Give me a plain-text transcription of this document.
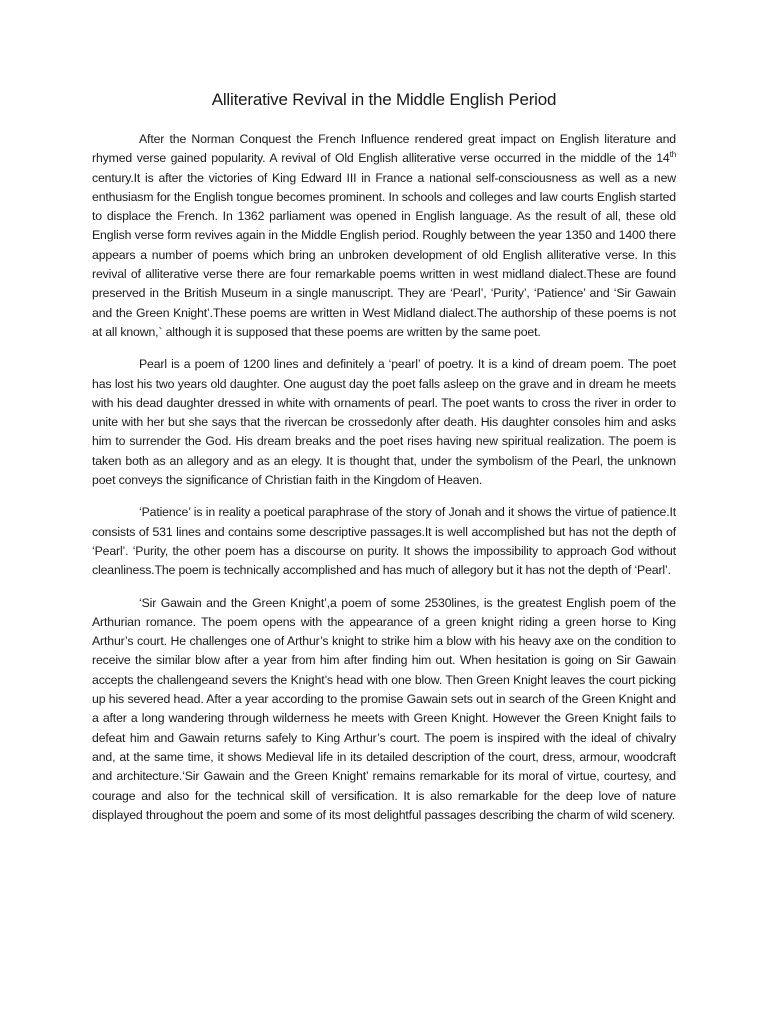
Alliterative Revival in the Middle English Period

After the Norman Conquest the French Influence rendered great impact on English literature and rhymed verse gained popularity. A revival of Old English alliterative verse occurred in the middle of the 14th century.It is after the victories of King Edward III in France a national self-consciousness as well as a new enthusiasm for the English tongue becomes prominent. In schools and colleges and law courts English started to displace the French. In 1362 parliament was opened in English language. As the result of all, these old English verse form revives again in the Middle English period. Roughly between the year 1350 and 1400 there appears a number of poems which bring an unbroken development of old English alliterative verse. In this revival of alliterative verse there are four remarkable poems written in west midland dialect.These are found preserved in the British Museum in a single manuscript. They are ‘Pearl’, ‘Purity’, ‘Patience’ and ‘Sir Gawain and the Green Knight’.These poems are written in West Midland dialect.The authorship of these poems is not at all known,` although it is supposed that these poems are written by the same poet.

Pearl is a poem of 1200 lines and definitely a ‘pearl’ of poetry. It is a kind of dream poem. The poet has lost his two years old daughter. One august day the poet falls asleep on the grave and in dream he meets with his dead daughter dressed in white with ornaments of pearl. The poet wants to cross the river in order to unite with her but she says that the rivercan be crossedonly after death. His daughter consoles him and asks him to surrender the God. His dream breaks and the poet rises having new spiritual realization. The poem is taken both as an allegory and as an elegy. It is thought that, under the symbolism of the Pearl, the unknown poet conveys the significance of Christian faith in the Kingdom of Heaven.

‘Patience’ is in reality a poetical paraphrase of the story of Jonah and it shows the virtue of patience.It consists of 531 lines and contains some descriptive passages.It is well accomplished but has not the depth of ‘Pearl’. ‘Purity, the other poem has a discourse on purity. It shows the impossibility to approach God without cleanliness.The poem is technically accomplished and has much of allegory but it has not the depth of ‘Pearl’.

‘Sir Gawain and the Green Knight’,a poem of some 2530lines, is the greatest English poem of the Arthurian romance. The poem opens with the appearance of a green knight riding a green horse to King Arthur’s court. He challenges one of Arthur’s knight to strike him a blow with his heavy axe on the condition to receive the similar blow after a year from him after finding him out. When hesitation is going on Sir Gawain accepts the challengeand severs the Knight’s head with one blow. Then Green Knight leaves the court picking up his severed head. After a year according to the promise Gawain sets out in search of the Green Knight and a after a long wandering through wilderness he meets with Green Knight. However the Green Knight fails to defeat him and Gawain returns safely to King Arthur’s court. The poem is inspired with the ideal of chivalry and, at the same time, it shows Medieval life in its detailed description of the court, dress, armour, woodcraft and architecture.‘Sir Gawain and the Green Knight’ remains remarkable for its moral of virtue, courtesy, and courage and also for the technical skill of versification. It is also remarkable for the deep love of nature displayed throughout the poem and some of its most delightful passages describing the charm of wild scenery.
